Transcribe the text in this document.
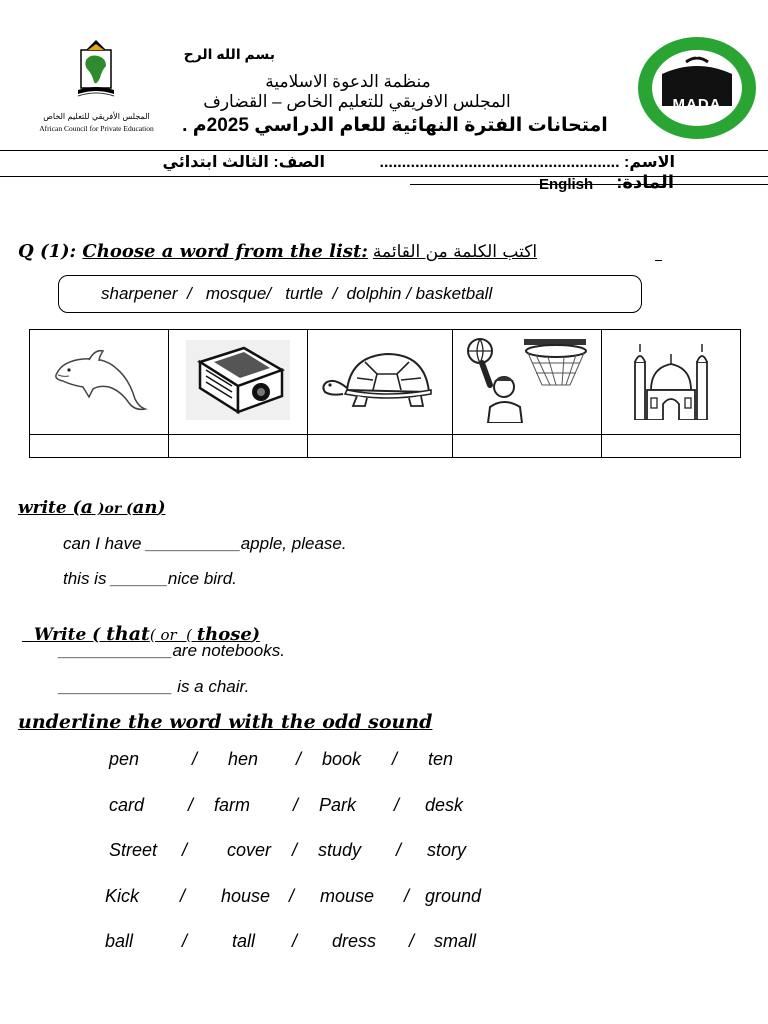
المجلس الأفريقي للتعليم الخاص
African Council for Private Education
MADA
بسم الله الرح
منظمة الدعوة الاسلامية
المجلس الافريقي للتعليم الخاص – القضارف
امتحانات الفترة النهائية للعام الدراسي 2025م .
الاسم: ......................................................
الصف: الثالث ابتدائي
المادة:
English
Q (1): Choose a word from the list: اكتب الكلمة من القائمة
sharpener  /   mosque/   turtle  /  dolphin / basketball

write (a )or (an)
can I have __________apple, please.
this is ______nice bird.

Write ( that( or  ( those)

____________are notebooks.
____________ is a chair.
underline the word with the odd sound
pen	/ hen / book / ten
card / farm / Park / desk
Street / cover / study / story
Kick / house / mouse / ground
ball	/ tall / dress / small
